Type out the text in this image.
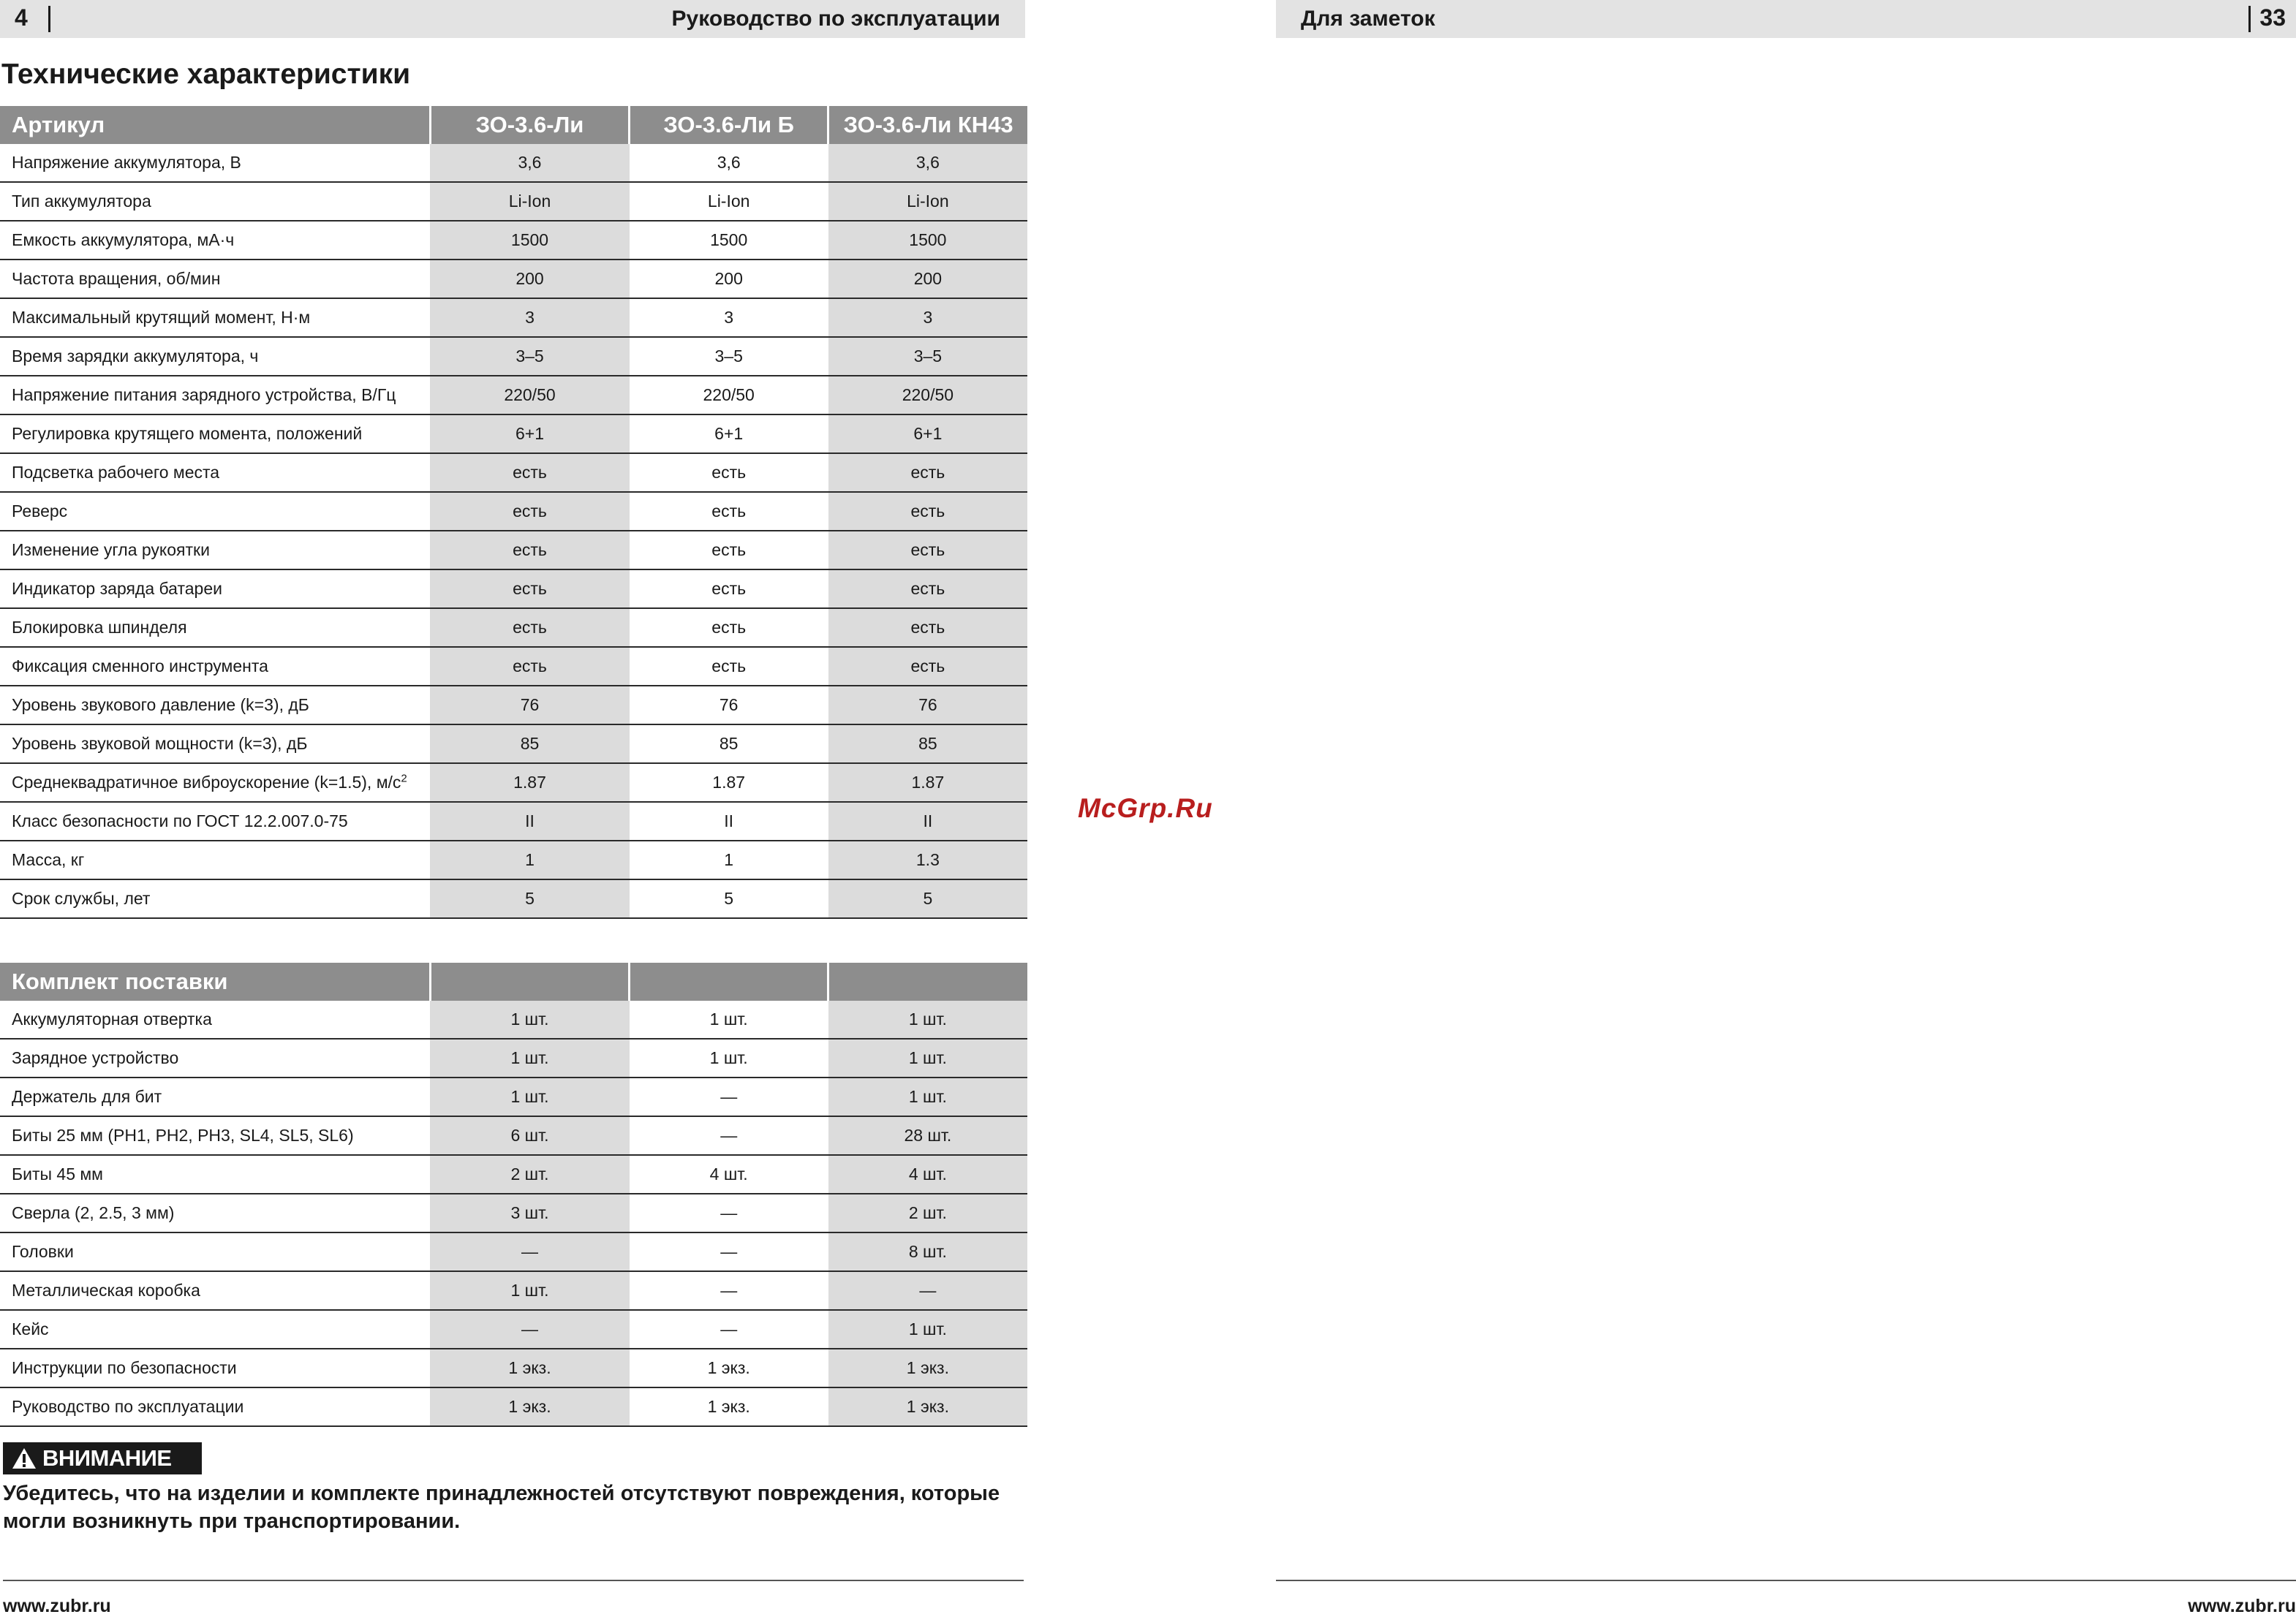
4	Руководство по эксплуатации
Технические характеристики
Артикул	ЗО-3.6-Ли	ЗО-3.6-Ли Б	ЗО-3.6-Ли КН43
Напряжение аккумулятора, В	3,6	3,6	3,6
Тип аккумулятора	Li-Ion	Li-Ion	Li-Ion
Емкость аккумулятора, мА·ч	1500	1500	1500
Частота вращения, об/мин	200	200	200
Максимальный крутящий момент, Н·м	3	3	3
Время зарядки аккумулятора, ч	3–5	3–5	3–5
Напряжение питания зарядного устройства, В/Гц	220/50	220/50	220/50
Регулировка крутящего момента, положений	6+1	6+1	6+1
Подсветка рабочего места	есть	есть	есть
Реверс	есть	есть	есть
Изменение угла рукоятки	есть	есть	есть
Индикатор заряда батареи	есть	есть	есть
Блокировка шпинделя	есть	есть	есть
Фиксация сменного инструмента	есть	есть	есть
Уровень звукового давление (k=3), дБ	76	76	76
Уровень звуковой мощности (k=3), дБ	85	85	85
Среднеквадратичное виброускорение (k=1.5), $м/с^2$	1.87	1.87	1.87
Класс безопасности по ГОСТ 12.2.007.0-75	II	II	II
Масса, кг	1	1	1.3
Срок службы, лет	5	5	5
Комплект поставки			
Аккумуляторная отвертка	1 шт.	1 шт.	1 шт.
Зарядное устройство	1 шт.	1 шт.	1 шт.
Держатель для бит	1 шт.	—	1 шт.
Биты 25 мм (PH1, PH2, PH3, SL4, SL5, SL6)	6 шт.	—	28 шт.
Биты 45 мм	2 шт.	4 шт.	4 шт.
Сверла (2, 2.5, 3 мм)	3 шт.	—	2 шт.
Головки	—	—	8 шт.
Металлическая коробка	1 шт.	—	—
Кейс	—	—	1 шт.
Инструкции по безопасности	1 экз.	1 экз.	1 экз.
Руководство по эксплуатации	1 экз.	1 экз.	1 экз.
ВНИМАНИЕ

Убедитесь, что на изделии и комплекте принадлежностей отсутствуют повреждения, которые могли возникнуть при транспортировании.

www.zubr.ru
Для заметок	33
www.zubr.ru
McGrp.Ru
